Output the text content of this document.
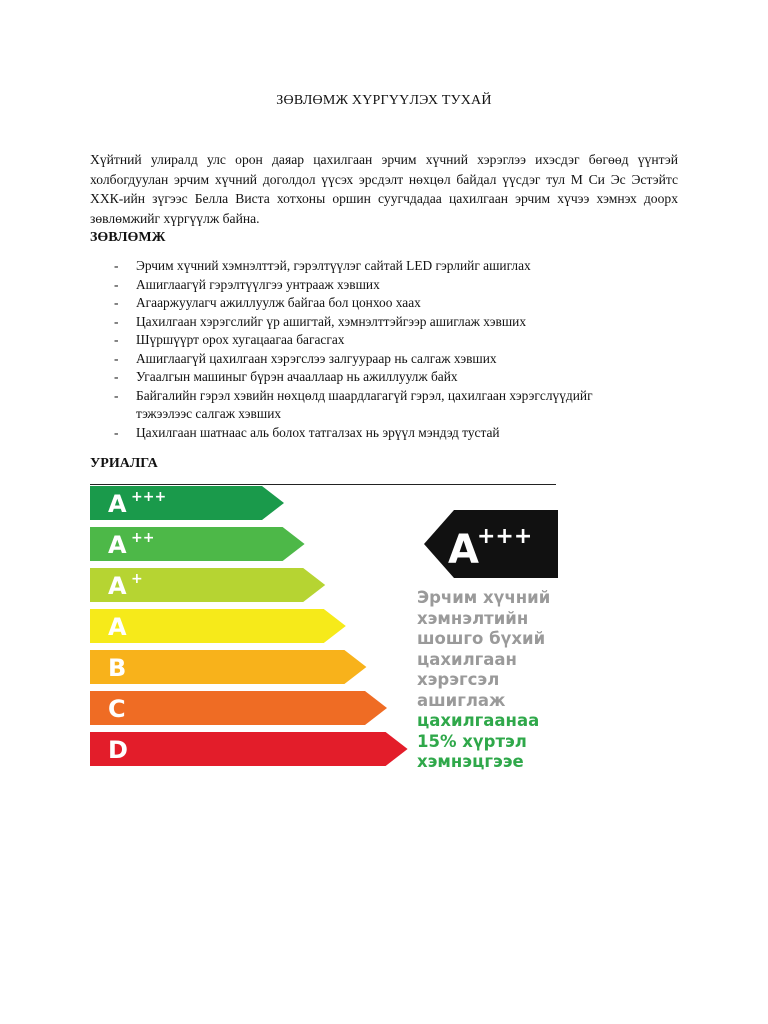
ЗӨВЛӨМЖ ХҮРГҮҮЛЭХ ТУХАЙ

Хүйтний улиралд улс орон даяар цахилгаан эрчим хүчний хэрэглээ ихэсдэг бөгөөд үүнтэй холбогдуулан эрчим хүчний доголдол үүсэх эрсдэлт нөхцөл байдал үүсдэг тул М Си Эс Эстэйтс ХХК-ийн зүгээс Белла Виста хотхоны оршин суугчдадаа цахилгаан эрчим хүчээ хэмнэх доорх зөвлөмжийг хүргүүлж байна.

ЗӨВЛӨМЖ
- Эрчим хүчний хэмнэлттэй, гэрэлтүүлэг сайтай LED гэрлийг ашиглах
- Ашиглаагүй гэрэлтүүлгээ унтрааж хэвших
- Агааржуулагч ажиллуулж байгаа бол цонхоо хаах
- Цахилгаан хэрэгслийг үр ашигтай, хэмнэлттэйгээр ашиглаж хэвших
- Шүршүүрт орох хугацаагаа багасгах
- Ашиглаагүй цахилгаан хэрэгслээ залгуураар нь салгаж хэвших
- Угаалгын машиныг бүрэн ачааллаар нь ажиллуулж байх
- Байгалийн гэрэл хэвийн нөхцөлд шаардлагагүй гэрэл, цахилгаан хэрэгслүүдийг тэжээлээс салгаж хэвших
- Цахилгаан шатнаас аль болох татгалзах нь эрүүл мэндэд тустай
УРИАЛГА
A +++
A ++
A +
A
B
C
D
A
+++
Эрчим хүчний
хэмнэлтийн
шошго бүхий
цахилгаан
хэрэгсэл
ашиглаж
цахилгаанаа
15% хүртэл
хэмнэцгээе
